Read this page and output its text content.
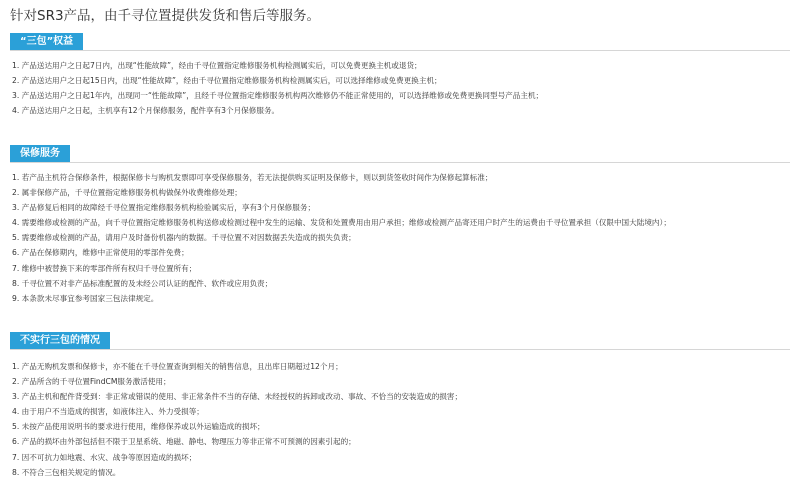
针对SR3产品，由千寻位置提供发货和售后等服务。
“三包”权益
1. 产品送达用户之日起7日内，出现“性能故障”，经由千寻位置指定维修服务机构检测属实后，可以免费更换主机或退货；
2. 产品送达用户之日起15日内，出现“性能故障”，经由千寻位置指定维修服务机构检测属实后，可以选择维修或免费更换主机；
3. 产品送达用户之日起1年内，出现同一“性能故障”，且经千寻位置指定维修服务机构两次维修仍不能正常使用的，可以选择维修或免费更换同型号产品主机；
4. 产品送达用户之日起，主机享有12个月保修服务，配件享有3个月保修服务。
保修服务
1. 若产品主机符合保修条件，根据保修卡与购机发票即可享受保修服务，若无法提供购买证明及保修卡，则以到货签收时间作为保修起算标准；
2. 属非保修产品，千寻位置指定维修服务机构做保外收费维修处理；
3. 产品修复后相同的故障经千寻位置指定维修服务机构检验属实后，享有3个月保修服务；
4. 需要维修或检测的产品，向千寻位置指定维修服务机构送修或检测过程中发生的运输、发货和处置费用由用户承担；维修或检测产品寄还用户时产生的运费由千寻位置承担（仅限中国大陆境内）；
5. 需要维修或检测的产品，请用户及时备份机器内的数据。千寻位置不对因数据丢失造成的损失负责；
6. 产品在保修期内，维修中正常使用的零部件免费；
7. 维修中被替换下来的零部件所有权归千寻位置所有；
8. 千寻位置不对非产品标准配置的及未经公司认证的配件、软件或应用负责；
9. 本条款未尽事宜参考国家三包法律规定。
不实行三包的情况
1. 产品无购机发票和保修卡，亦不能在千寻位置查询到相关的销售信息，且出库日期超过12个月；
2. 产品所含的千寻位置FindCM服务激活使用；
3. 产品主机和配件背受到：非正常或错误的使用、非正常条件不当的存储、未经授权的拆卸或改动、事故、不恰当的安装造成的损害；
4. 由于用户不当造成的损害，如液体注入、外力受损等；
5. 未按产品使用说明书的要求进行使用，维修保养或以外运输造成的损坏；
6. 产品的损坏由外部包括但不限于卫星系统、地磁、静电、物理压力等非正常不可预测的因素引起的；
7. 因不可抗力如地震、水灾、战争等原因造成的损坏；
8. 不符合三包相关规定的情况。
